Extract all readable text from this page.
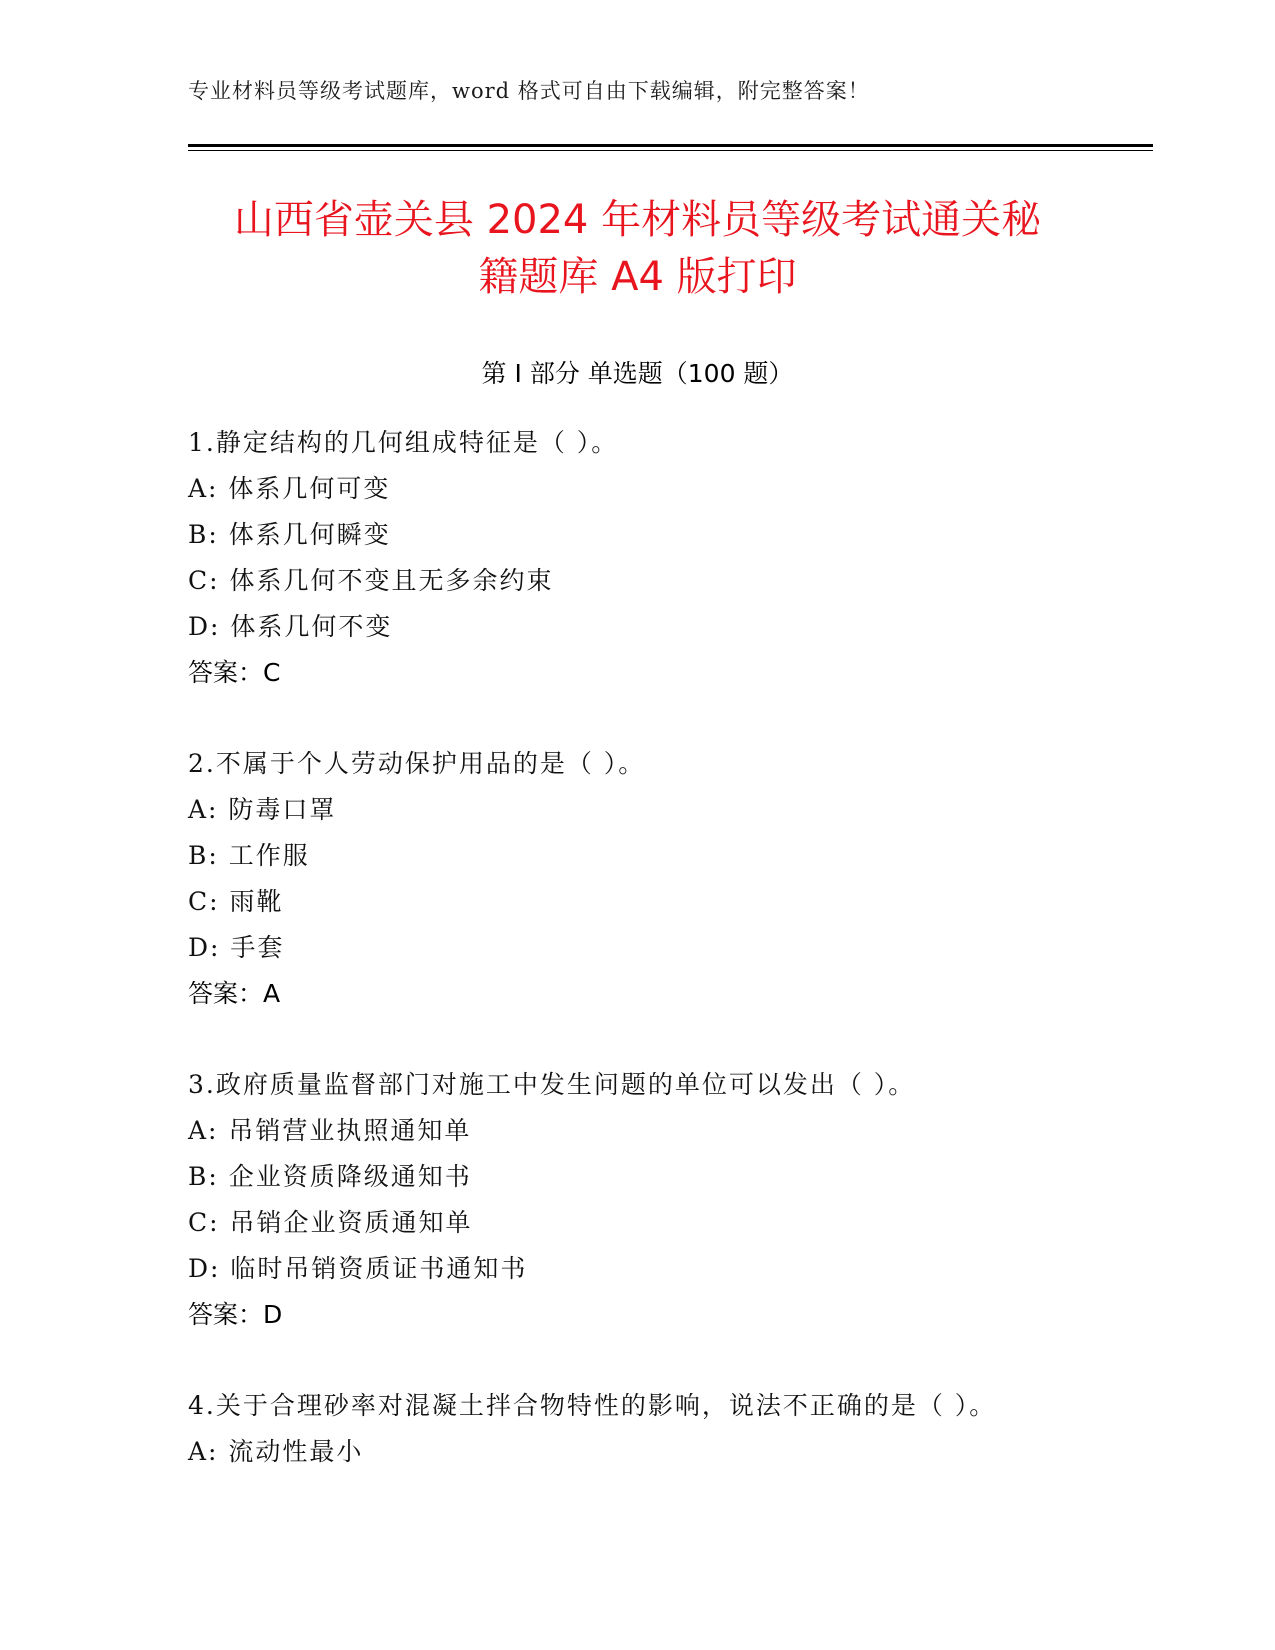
专业材料员等级考试题库，word 格式可自由下载编辑，附完整答案！
山西省壶关县 2024 年材料员等级考试通关秘
籍题库 A4 版打印
第 I 部分 单选题（100 题）
1.静定结构的几何组成特征是（ ）。
A: 体系几何可变
B: 体系几何瞬变
C: 体系几何不变且无多余约束
D: 体系几何不变
答案：C
2.不属于个人劳动保护用品的是（ ）。
A: 防毒口罩
B: 工作服
C: 雨靴
D: 手套
答案：A
3.政府质量监督部门对施工中发生问题的单位可以发出（ ）。
A: 吊销营业执照通知单
B: 企业资质降级通知书
C: 吊销企业资质通知单
D: 临时吊销资质证书通知书
答案：D
4.关于合理砂率对混凝土拌合物特性的影响，说法不正确的是（ ）。
A: 流动性最小
